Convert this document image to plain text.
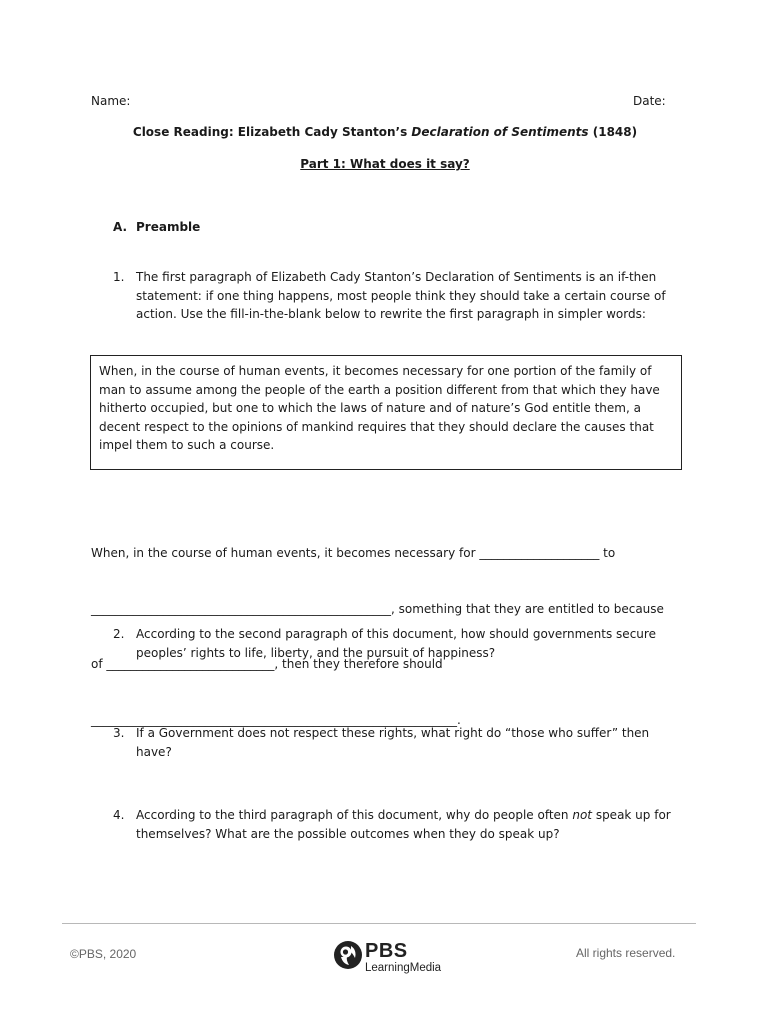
Name:	Date:
Close Reading: Elizabeth Cady Stanton’s Declaration of Sentiments (1848)
Part 1: What does it say?
A. Preamble
1. The first paragraph of Elizabeth Cady Stanton’s Declaration of Sentiments is an if-then statement: if one thing happens, most people think they should take a certain course of action. Use the fill-in-the-blank below to rewrite the first paragraph in simpler words:
When, in the course of human events, it becomes necessary for one portion of the family of man to assume among the people of the earth a position different from that which they have hitherto occupied, but one to which the laws of nature and of nature’s God entitle them, a decent respect to the opinions of mankind requires that they should declare the causes that impel them to such a course.

When, in the course of human events, it becomes necessary for ____________________ to

__________________________________________________, something that they are entitled to because

of ____________________________, then they therefore should

_____________________________________________________________.

2. According to the second paragraph of this document, how should governments secure peoples’ rights to life, liberty, and the pursuit of happiness?
3. If a Government does not respect these rights, what right do “those who suffer” then have?
4. According to the third paragraph of this document, why do people often not speak up for themselves? What are the possible outcomes when they do speak up?
©PBS, 2020	PBS
LearningMedia
All rights reserved.
